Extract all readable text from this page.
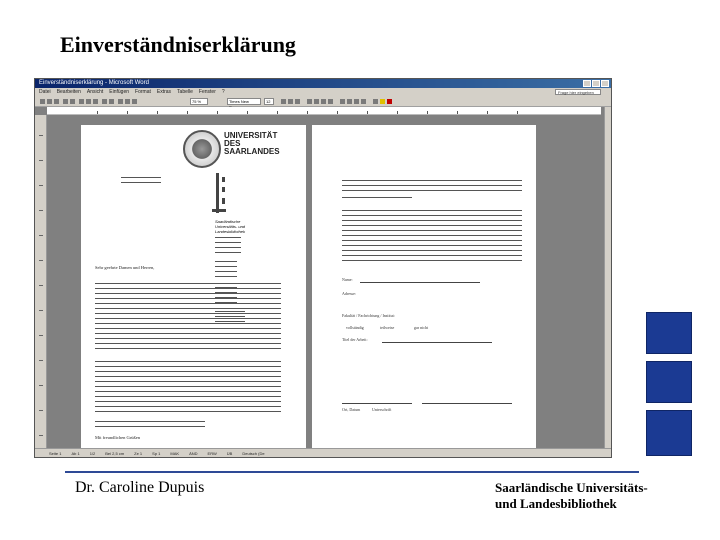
Einverständniserklärung
Einverständniserklärung - Microsoft Word
Datei Bearbeiten Ansicht Einfügen Format Extras Tabelle Fenster ?	Frage hier eingeben
75 %	Times New	12
UNIVERSITÄT
DES
SAARLANDES
Saarländische
Universitäts- und
Landesbibliothek
Sehr geehrte Damen und Herren,
Mit freundlichen Grüßen
Name:
Adresse:
Fakultät / Fachrichtung / Institut:
vollständig	teilweise	gar nicht
Titel der Arbeit:
Ort, Datum	Unterschrift
Seite 1	Ab 1	1/2	Bei 2,5 cm	Ze 1	Sp 1	MAK	ÄND	ERW	ÜB	Deutsch (De
Dr. Caroline Dupuis	Saarländische Universitäts-
und Landesbibliothek
